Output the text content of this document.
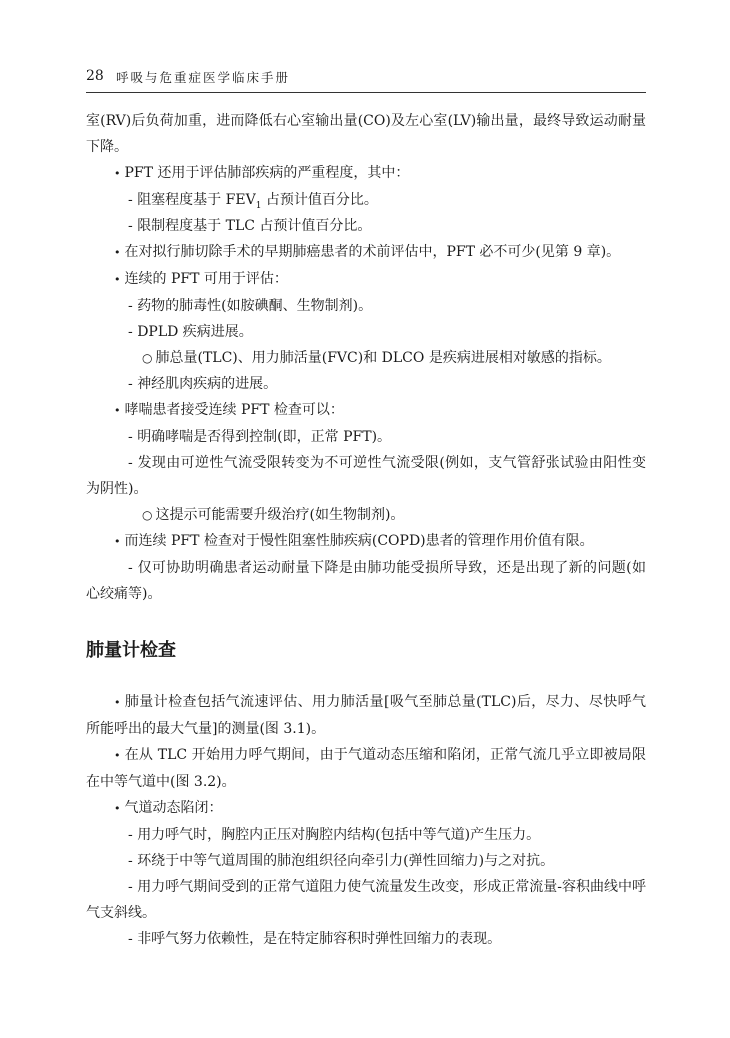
28 呼吸与危重症医学临床手册

室(RV)后负荷加重，进而降低右心室输出量(CO)及左心室(LV)输出量，最终导致运动耐量下降。

• PFT 还用于评估肺部疾病的严重程度，其中：

- 阻塞程度基于 $FEV_1$ 占预计值百分比。

- 限制程度基于 TLC 占预计值百分比。

• 在对拟行肺切除手术的早期肺癌患者的术前评估中，PFT 必不可少(见第 9 章)。

• 连续的 PFT 可用于评估：

- 药物的肺毒性(如胺碘酮、生物制剂)。

- DPLD 疾病进展。

○ 肺总量(TLC)、用力肺活量(FVC)和 DLCO 是疾病进展相对敏感的指标。

- 神经肌肉疾病的进展。

• 哮喘患者接受连续 PFT 检查可以：

- 明确哮喘是否得到控制(即，正常 PFT)。

- 发现由可逆性气流受限转变为不可逆性气流受限(例如，支气管舒张试验由阳性变为阴性)。

○ 这提示可能需要升级治疗(如生物制剂)。

• 而连续 PFT 检查对于慢性阻塞性肺疾病(COPD)患者的管理作用价值有限。

- 仅可协助明确患者运动耐量下降是由肺功能受损所导致，还是出现了新的问题(如心绞痛等)。

肺量计检查

• 肺量计检查包括气流速评估、用力肺活量[吸气至肺总量(TLC)后，尽力、尽快呼气所能呼出的最大气量]的测量(图 3.1)。

• 在从 TLC 开始用力呼气期间，由于气道动态压缩和陷闭，正常气流几乎立即被局限在中等气道中(图 3.2)。

• 气道动态陷闭：

- 用力呼气时，胸腔内正压对胸腔内结构(包括中等气道)产生压力。

- 环绕于中等气道周围的肺泡组织径向牵引力(弹性回缩力)与之对抗。

- 用力呼气期间受到的正常气道阻力使气流量发生改变，形成正常流量-容积曲线中呼气支斜线。

- 非呼气努力依赖性，是在特定肺容积时弹性回缩力的表现。
